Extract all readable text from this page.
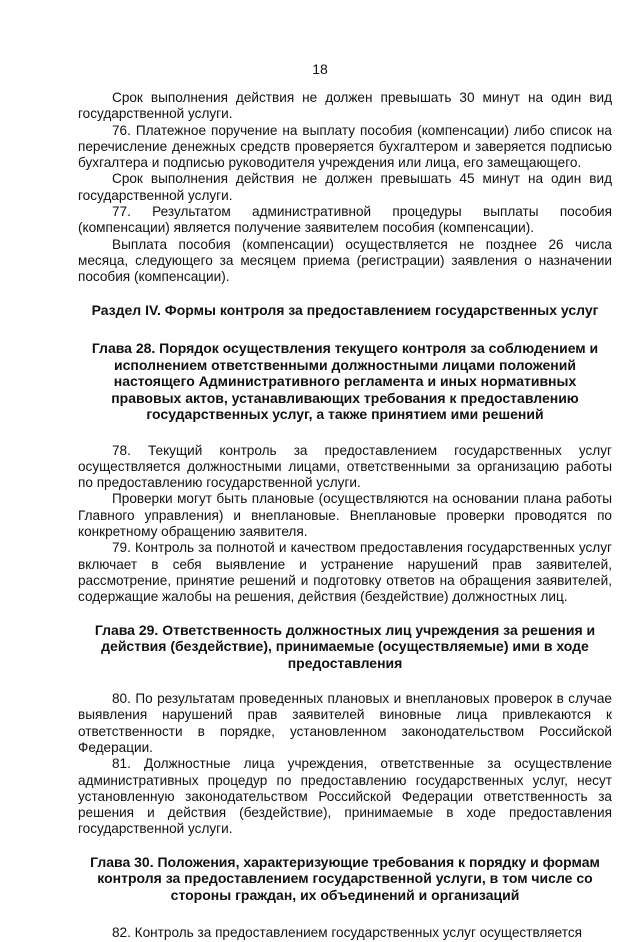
18

Срок выполнения действия не должен превышать 30 минут на один вид государственной услуги.

76. Платежное поручение на выплату пособия (компенсации) либо список на перечисление денежных средств проверяется бухгалтером и заверяется подписью бухгалтера и подписью руководителя учреждения или лица, его замещающего.

Срок выполнения действия не должен превышать 45 минут на один вид государственной услуги.

77. Результатом административной процедуры выплаты пособия (компенсации) является получение заявителем пособия (компенсации).

Выплата пособия (компенсации) осуществляется не позднее 26 числа месяца, следующего за месяцем приема (регистрации) заявления о назначении пособия (компенсации).

Раздел IV. Формы контроля за предоставлением государственных услуг
Глава 28. Порядок осуществления текущего контроля за соблюдением и исполнением ответственными должностными лицами положений настоящего Административного регламента и иных нормативных правовых актов, устанавливающих требования к предоставлению государственных услуг, а также принятием ими решений

78. Текущий контроль за предоставлением государственных услуг осуществляется должностными лицами, ответственными за организацию работы по предоставлению государственной услуги.

Проверки могут быть плановые (осуществляются на основании плана работы Главного управления) и внеплановые. Внеплановые проверки проводятся по конкретному обращению заявителя.

79. Контроль за полнотой и качеством предоставления государственных услуг включает в себя выявление и устранение нарушений прав заявителей, рассмотрение, принятие решений и подготовку ответов на обращения заявителей, содержащие жалобы на решения, действия (бездействие) должностных лиц.

Глава 29. Ответственность должностных лиц учреждения за решения и действия (бездействие), принимаемые (осуществляемые) ими в ходе предоставления

80. По результатам проведенных плановых и внеплановых проверок в случае выявления нарушений прав заявителей виновные лица привлекаются к ответственности в порядке, установленном законодательством Российской Федерации.

81. Должностные лица учреждения, ответственные за осуществление административных процедур по предоставлению государственных услуг, несут установленную законодательством Российской Федерации ответственность за решения и действия (бездействие), принимаемые в ходе предоставления государственной услуги.

Глава 30. Положения, характеризующие требования к порядку и формам контроля за предоставлением государственной услуги, в том числе со стороны граждан, их объединений и организаций

82. Контроль за предоставлением государственных услуг осуществляется
